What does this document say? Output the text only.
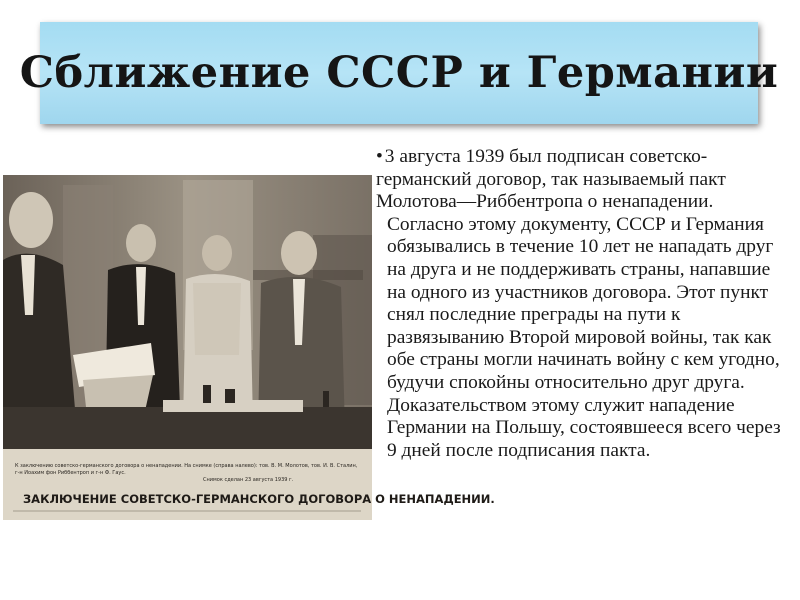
Сближение СССР и Германии
К заключению советско-германского договора о ненападении. На снимке (справа налево): тов. В. М. Молотов, тов. И. В. Сталин,
г-н Иоахим фон Риббентроп и г-н Ф. Гаус.
Снимок сделан 23 августа 1939 г.
ЗАКЛЮЧЕНИЕ СОВЕТСКО-ГЕРМАНСКОГО ДОГОВОРА О НЕНАПАДЕНИИ.

• 3 августа 1939 был подписан советско-германский договор, так называемый пакт Молотова—Риббентропа о ненападении.

Согласно этому документу, СССР и Германия обязывались в течение 10 лет не нападать друг на друга и не поддерживать страны, напавшие на одного из участников договора. Этот пункт снял последние преграды на пути к развязыванию Второй мировой войны, так как обе страны могли начинать войну с кем угодно, будучи спокойны относительно друг друга. Доказательством этому служит нападение Германии на Польшу, состоявшееся всего через 9 дней после подписания пакта.
